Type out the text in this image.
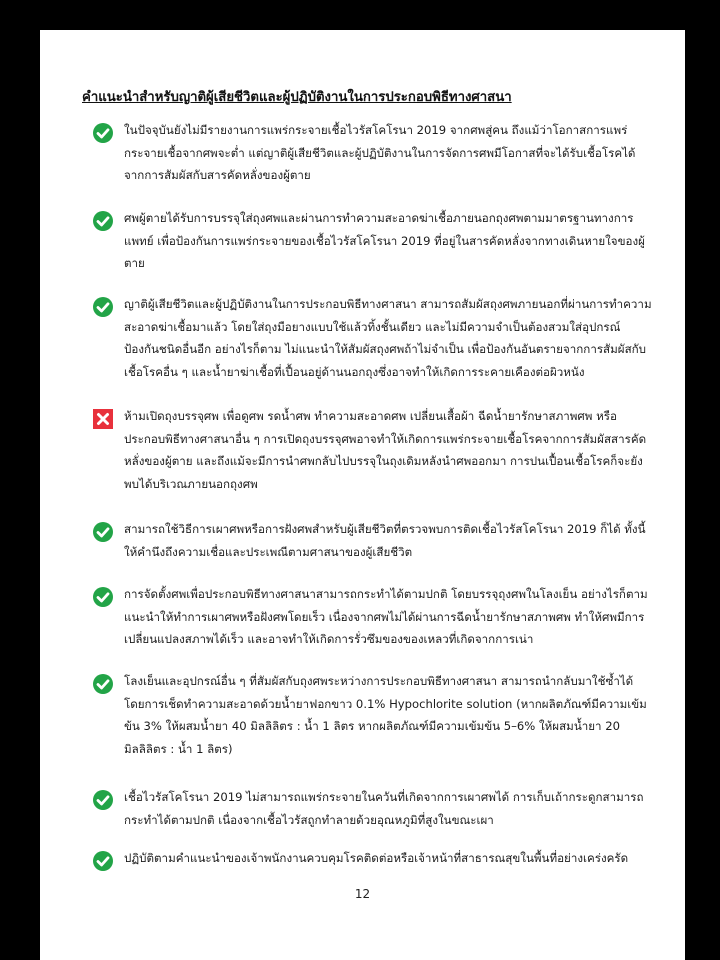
คำแนะนำสำหรับญาติผู้เสียชีวิตและผู้ปฏิบัติงานในการประกอบพิธีทางศาสนา
ในปัจจุบันยังไม่มีรายงานการแพร่กระจายเชื้อไวรัสโคโรนา 2019 จากศพสู่คน ถึงแม้ว่าโอกาสการแพร่กระจายเชื้อจากศพจะต่ำ แต่ญาติผู้เสียชีวิตและผู้ปฏิบัติงานในการจัดการศพมีโอกาสที่จะได้รับเชื้อโรคได้จากการสัมผัสกับสารคัดหลั่งของผู้ตาย
ศพผู้ตายได้รับการบรรจุใส่ถุงศพและผ่านการทำความสะอาดฆ่าเชื้อภายนอกถุงศพตามมาตรฐานทางการแพทย์ เพื่อป้องกันการแพร่กระจายของเชื้อไวรัสโคโรนา 2019 ที่อยู่ในสารคัดหลั่งจากทางเดินหายใจของผู้ตาย
ญาติผู้เสียชีวิตและผู้ปฏิบัติงานในการประกอบพิธีทางศาสนา สามารถสัมผัสถุงศพภายนอกที่ผ่านการทำความสะอาดฆ่าเชื้อมาแล้ว โดยใส่ถุงมือยางแบบใช้แล้วทิ้งชั้นเดียว และไม่มีความจำเป็นต้องสวมใส่อุปกรณ์ป้องกันชนิดอื่นอีก อย่างไรก็ตาม ไม่แนะนำให้สัมผัสถุงศพถ้าไม่จำเป็น เพื่อป้องกันอันตรายจากการสัมผัสกับเชื้อโรคอื่น ๆ และน้ำยาฆ่าเชื้อที่เปื้อนอยู่ด้านนอกถุงซึ่งอาจทำให้เกิดการระคายเคืองต่อผิวหนัง
ห้ามเปิดถุงบรรจุศพ เพื่อดูศพ รดน้ำศพ ทำความสะอาดศพ เปลี่ยนเสื้อผ้า ฉีดน้ำยารักษาสภาพศพ หรือประกอบพิธีทางศาสนาอื่น ๆ การเปิดถุงบรรจุศพอาจทำให้เกิดการแพร่กระจายเชื้อโรคจากการสัมผัสสารคัดหลั่งของผู้ตาย และถึงแม้จะมีการนำศพกลับไปบรรจุในถุงเดิมหลังนำศพออกมา การปนเปื้อนเชื้อโรคก็จะยังพบได้บริเวณภายนอกถุงศพ
สามารถใช้วิธีการเผาศพหรือการฝังศพสำหรับผู้เสียชีวิตที่ตรวจพบการติดเชื้อไวรัสโคโรนา 2019 ก็ได้ ทั้งนี้ให้คำนึงถึงความเชื่อและประเพณีตามศาสนาของผู้เสียชีวิต
การจัดตั้งศพเพื่อประกอบพิธีทางศาสนาสามารถกระทำได้ตามปกติ โดยบรรจุถุงศพในโลงเย็น อย่างไรก็ตามแนะนำให้ทำการเผาศพหรือฝังศพโดยเร็ว เนื่องจากศพไม่ได้ผ่านการฉีดน้ำยารักษาสภาพศพ ทำให้ศพมีการเปลี่ยนแปลงสภาพได้เร็ว และอาจทำให้เกิดการรั่วซึมของของเหลวที่เกิดจากการเน่า
โลงเย็นและอุปกรณ์อื่น ๆ ที่สัมผัสกับถุงศพระหว่างการประกอบพิธีทางศาสนา สามารถนำกลับมาใช้ซ้ำได้ โดยการเช็ดทำความสะอาดด้วยน้ำยาฟอกขาว 0.1% Hypochlorite solution (หากผลิตภัณฑ์มีความเข้มข้น 3% ให้ผสมน้ำยา 40 มิลลิลิตร : น้ำ 1 ลิตร หากผลิตภัณฑ์มีความเข้มข้น 5–6% ให้ผสมน้ำยา 20 มิลลิลิตร : น้ำ 1 ลิตร)
เชื้อไวรัสโคโรนา 2019 ไม่สามารถแพร่กระจายในควันที่เกิดจากการเผาศพได้ การเก็บเถ้ากระดูกสามารถกระทำได้ตามปกติ เนื่องจากเชื้อไวรัสถูกทำลายด้วยอุณหภูมิที่สูงในขณะเผา
ปฏิบัติตามคำแนะนำของเจ้าพนักงานควบคุมโรคติดต่อหรือเจ้าหน้าที่สาธารณสุขในพื้นที่อย่างเคร่งครัด
12
